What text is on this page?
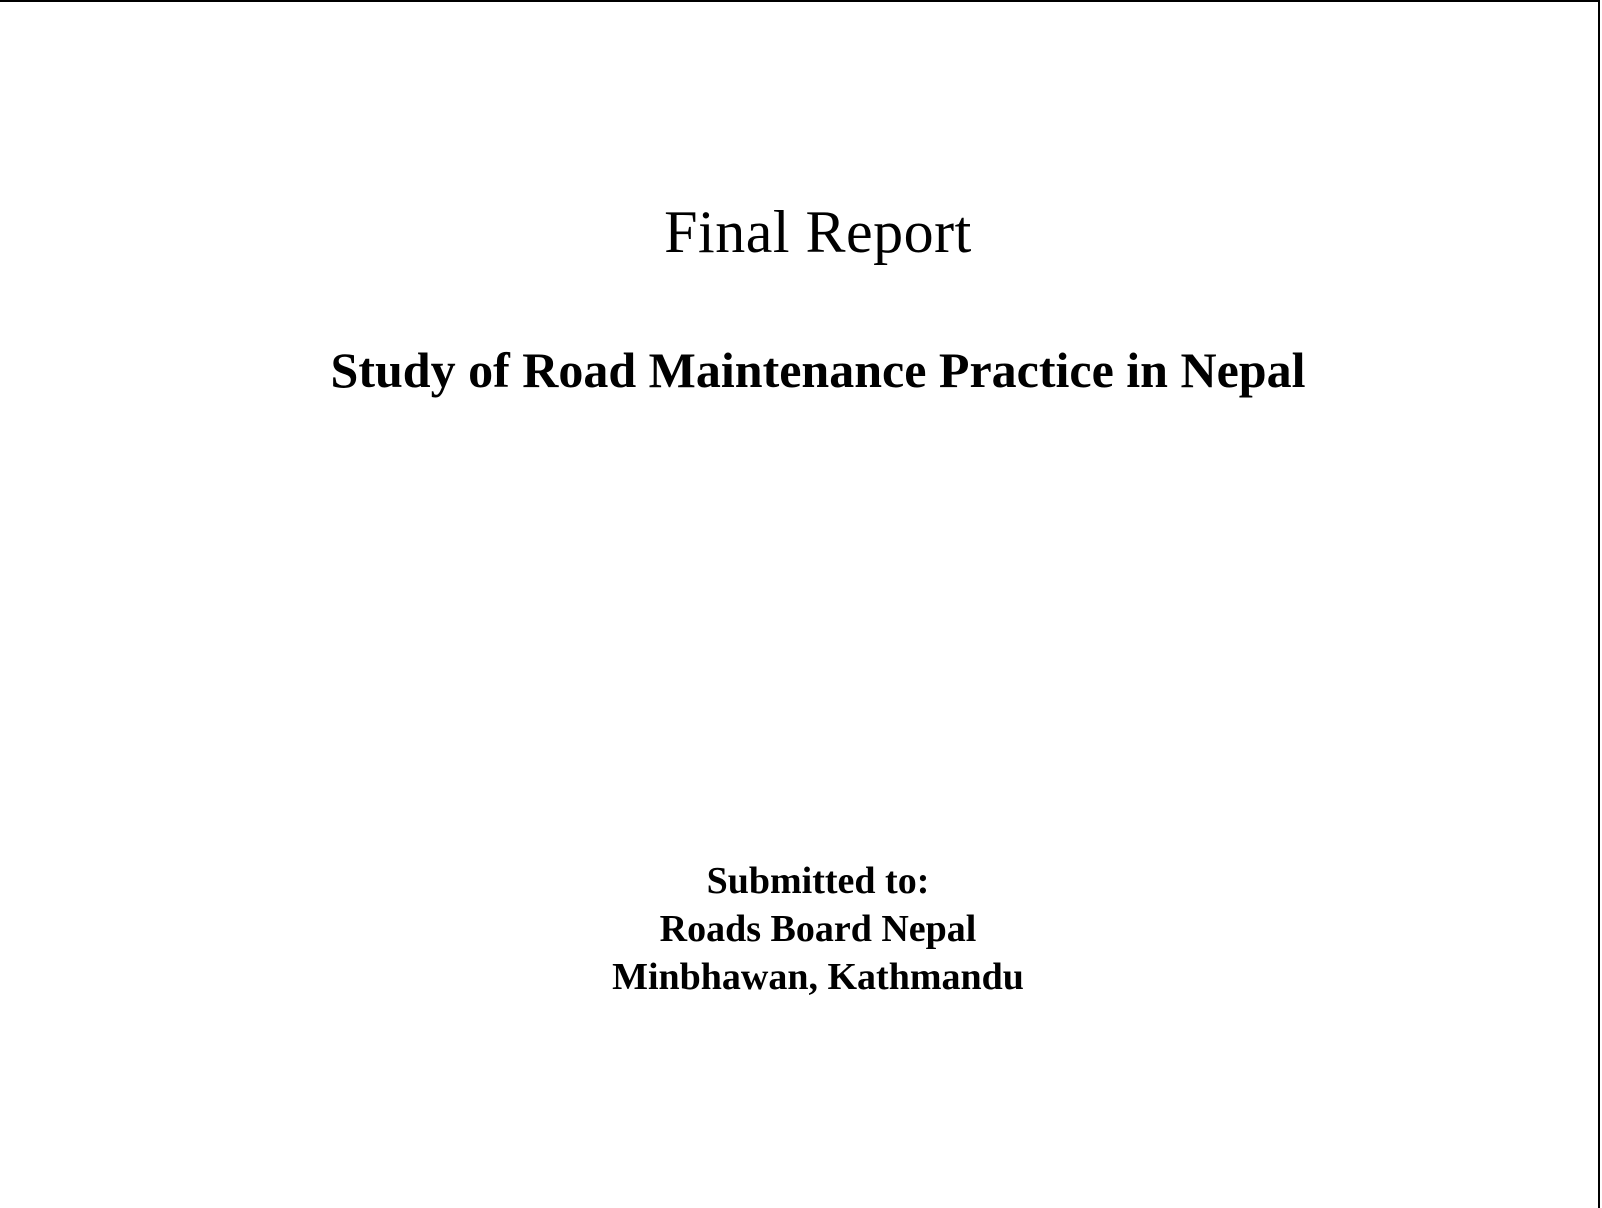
Final Report
Study of Road Maintenance Practice in Nepal
Submitted to:
Roads Board Nepal
Minbhawan, Kathmandu
